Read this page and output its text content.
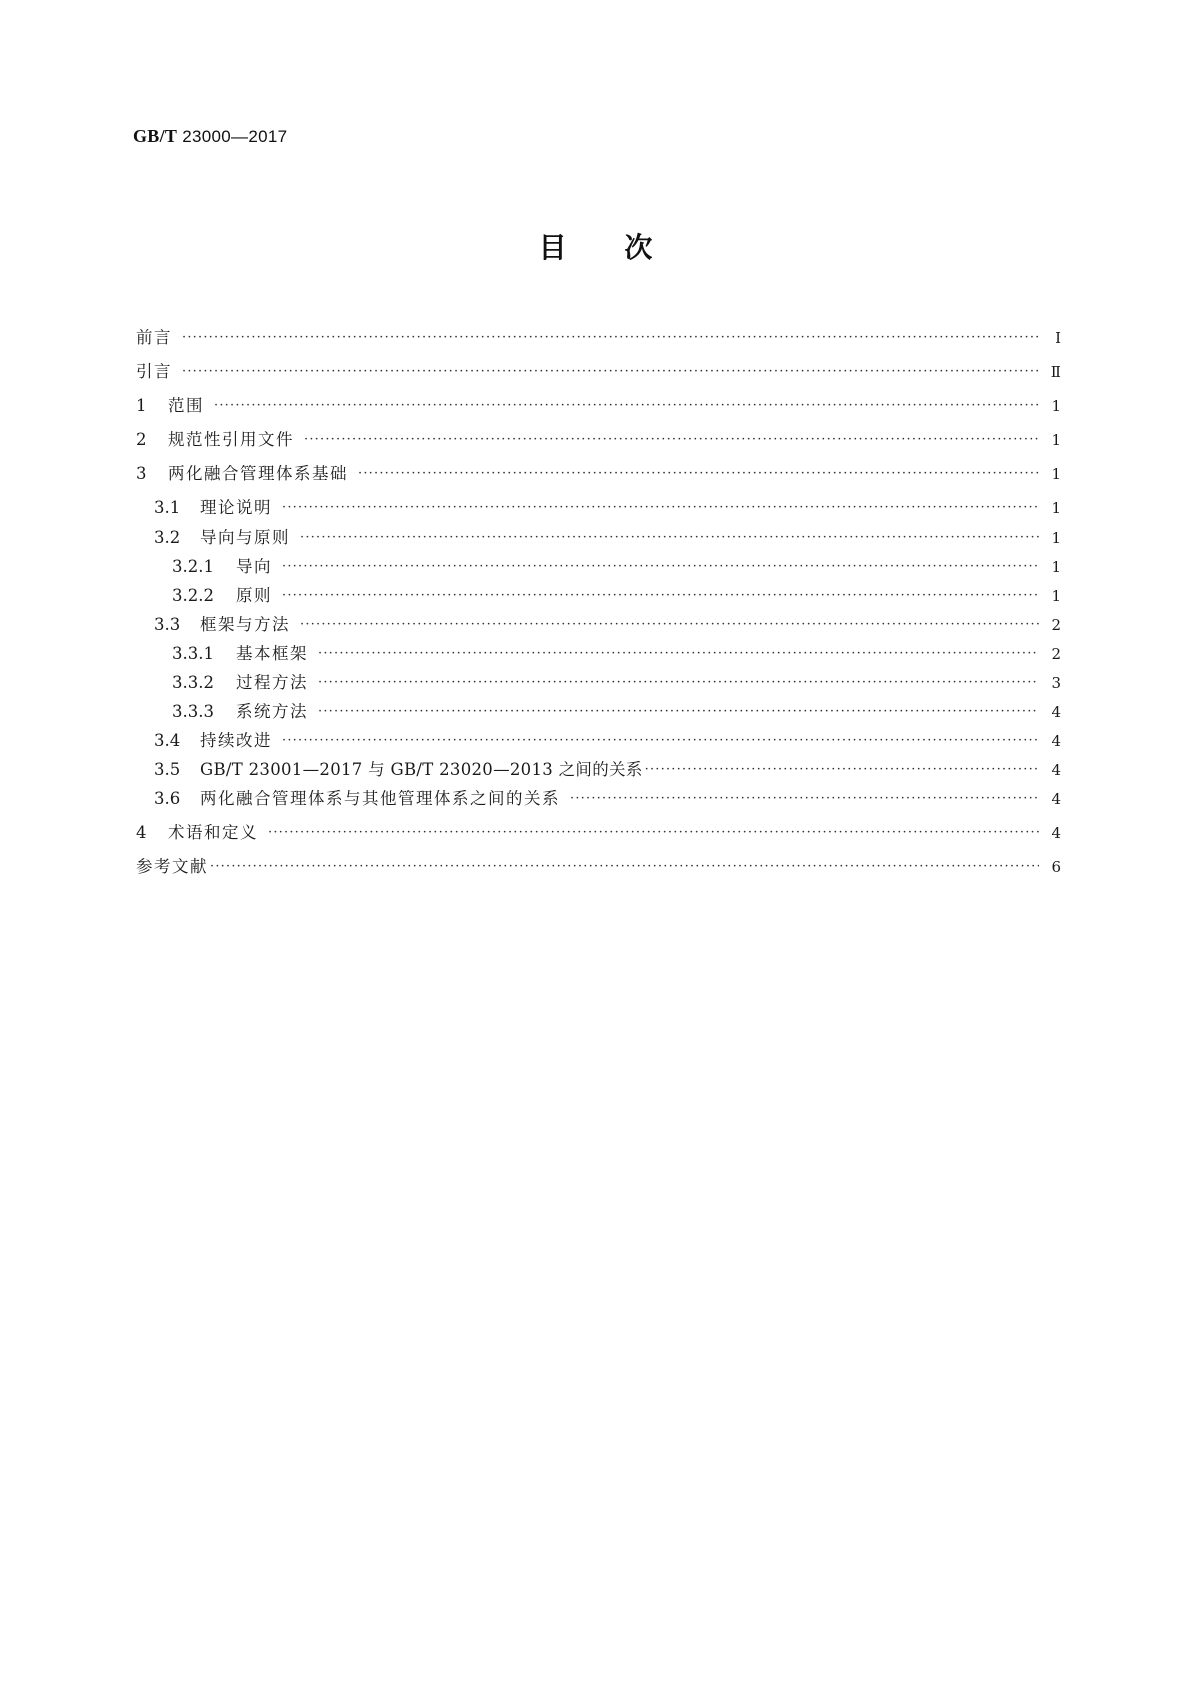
GB/T 23000—2017
目 次
前言 ·····	Ⅰ
引言 ·····	Ⅱ
1	范围 ·····	1
2	规范性引用文件 ·····	1
3	两化融合管理体系基础 ·····	1
3.1	理论说明 ·····	1
3.2	导向与原则 ·····	1
3.2.1	导向 ·····	1
3.2.2	原则 ·····	1
3.3	框架与方法 ·····	2
3.3.1	基本框架 ·····	2
3.3.2	过程方法 ·····	3
3.3.3	系统方法 ·····	4
3.4	持续改进 ·····	4
3.5	GB/T 23001—2017 与 GB/T 23020—2013 之间的关系 ·····	4
3.6	两化融合管理体系与其他管理体系之间的关系 ·····	4
4	术语和定义 ·····	4
参考文献 ·····	6
